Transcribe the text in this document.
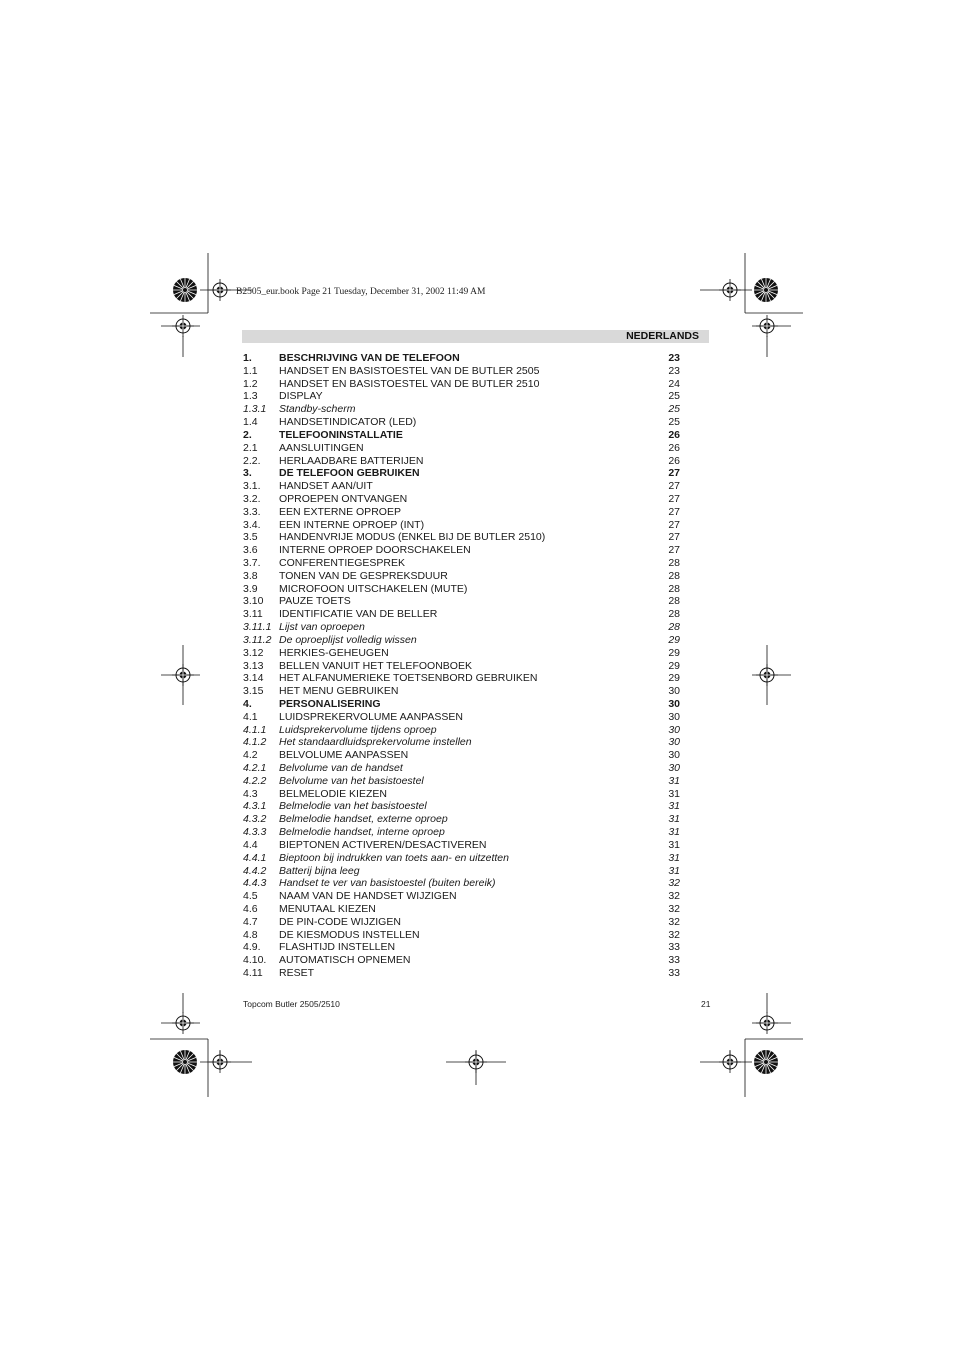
B2505_eur.book Page 21 Tuesday, December 31, 2002 11:49 AM
NEDERLANDS
1.	BESCHRIJVING VAN DE TELEFOON	23
1.1 HANDSET EN BASISTOESTEL VAN DE BUTLER 2505	23
1.2 HANDSET EN BASISTOESTEL VAN DE BUTLER 2510	24
1.3 DISPLAY	25
1.3.1 Standby-scherm	25
1.4 HANDSETINDICATOR (LED)	25
2.	TELEFOONINSTALLATIE	26
2.1 AANSLUITINGEN	26
2.2. HERLAADBARE BATTERIJEN	26
3.	DE TELEFOON GEBRUIKEN	27
3.1. HANDSET AAN/UIT	27
3.2. OPROEPEN ONTVANGEN	27
3.3. EEN EXTERNE OPROEP	27
3.4. EEN INTERNE OPROEP (INT)	27
3.5 HANDENVRIJE MODUS (ENKEL BIJ DE BUTLER 2510)	27
3.6 INTERNE OPROEP DOORSCHAKELEN	27
3.7. CONFERENTIEGESPREK	28
3.8 TONEN VAN DE GESPREKSDUUR	28
3.9 MICROFOON UITSCHAKELEN (MUTE)	28
3.10 PAUZE TOETS	28
3.11 IDENTIFICATIE VAN DE BELLER	28
3.11.1 Lijst van oproepen	28
3.11.2 De oproeplijst volledig wissen	29
3.12 HERKIES-GEHEUGEN	29
3.13 BELLEN VANUIT HET TELEFOONBOEK	29
3.14 HET ALFANUMERIEKE TOETSENBORD GEBRUIKEN	29
3.15 HET MENU GEBRUIKEN	30
4.	PERSONALISERING	30
4.1 LUIDSPREKERVOLUME AANPASSEN	30
4.1.1 Luidsprekervolume tijdens oproep	30
4.1.2 Het standaardluidsprekervolume instellen	30
4.2 BELVOLUME AANPASSEN	30
4.2.1 Belvolume van de handset	30
4.2.2 Belvolume van het basistoestel	31
4.3 BELMELODIE KIEZEN	31
4.3.1 Belmelodie van het basistoestel	31
4.3.2 Belmelodie handset, externe oproep	31
4.3.3 Belmelodie handset, interne oproep	31
4.4 BIEPTONEN ACTIVEREN/DESACTIVEREN	31
4.4.1 Bieptoon bij indrukken van toets aan- en uitzetten	31
4.4.2 Batterij bijna leeg	31
4.4.3 Handset te ver van basistoestel (buiten bereik)	32
4.5 NAAM VAN DE HANDSET WIJZIGEN	32
4.6 MENUTAAL KIEZEN	32
4.7 DE PIN-CODE WIJZIGEN	32
4.8 DE KIESMODUS INSTELLEN	32
4.9. FLASHTIJD INSTELLEN	33
4.10. AUTOMATISCH OPNEMEN	33
4.11 RESET	33
Topcom Butler 2505/2510	21
